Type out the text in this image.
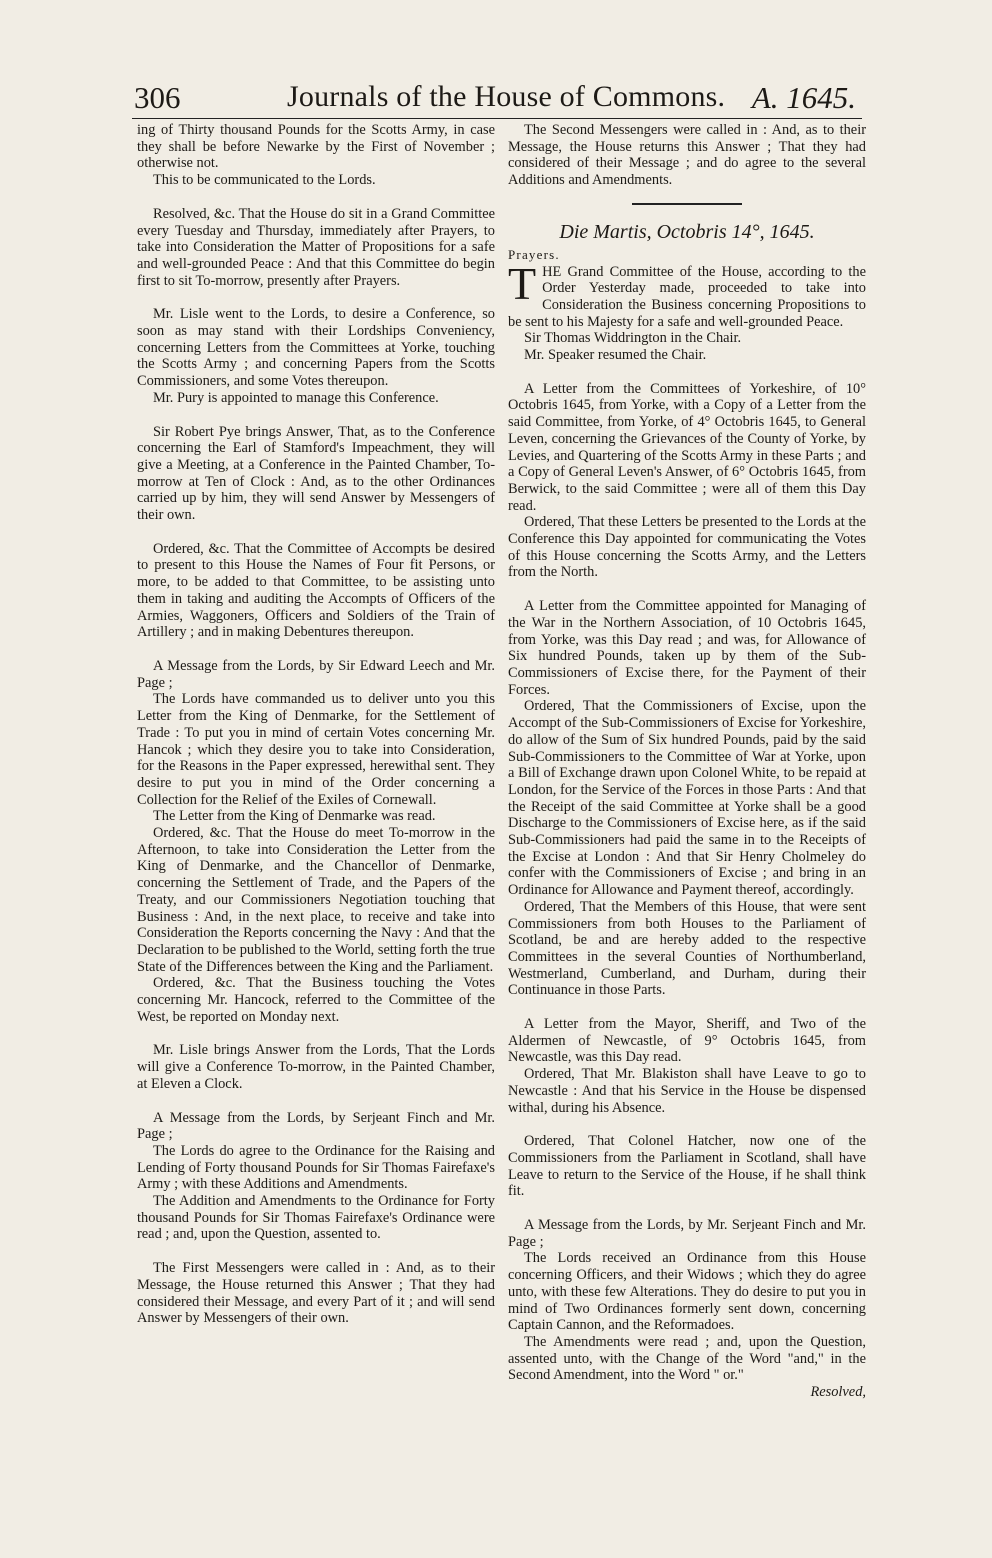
306	Journals of the House of Commons. A. 1645.

ing of Thirty thousand Pounds for the Scotts Army, in case they shall be before Newarke by the First of November ; otherwise not.

This to be communicated to the Lords.

Resolved, &c. That the House do sit in a Grand Committee every Tuesday and Thursday, immediately after Prayers, to take into Consideration the Matter of Propositions for a safe and well-grounded Peace : And that this Committee do begin first to sit To-morrow, presently after Prayers.

Mr. Lisle went to the Lords, to desire a Conference, so soon as may stand with their Lordships Conveniency, concerning Letters from the Committees at Yorke, touching the Scotts Army ; and concerning Papers from the Scotts Commissioners, and some Votes thereupon.

Mr. Pury is appointed to manage this Conference.

Sir Robert Pye brings Answer, That, as to the Conference concerning the Earl of Stamford's Impeachment, they will give a Meeting, at a Conference in the Painted Chamber, To-morrow at Ten of Clock : And, as to the other Ordinances carried up by him, they will send Answer by Messengers of their own.

Ordered, &c. That the Committee of Accompts be desired to present to this House the Names of Four fit Persons, or more, to be added to that Committee, to be assisting unto them in taking and auditing the Accompts of Officers of the Armies, Waggoners, Officers and Soldiers of the Train of Artillery ; and in making Debentures thereupon.

A Message from the Lords, by Sir Edward Leech and Mr. Page ;

The Lords have commanded us to deliver unto you this Letter from the King of Denmarke, for the Settlement of Trade : To put you in mind of certain Votes concerning Mr. Hancok ; which they desire you to take into Consideration, for the Reasons in the Paper expressed, herewithal sent. They desire to put you in mind of the Order concerning a Collection for the Relief of the Exiles of Cornewall.

The Letter from the King of Denmarke was read.

Ordered, &c. That the House do meet To-morrow in the Afternoon, to take into Consideration the Letter from the King of Denmarke, and the Chancellor of Denmarke, concerning the Settlement of Trade, and the Papers of the Treaty, and our Commissioners Negotiation touching that Business : And, in the next place, to receive and take into Consideration the Reports concerning the Navy : And that the Declaration to be published to the World, setting forth the true State of the Differences between the King and the Parliament.

Ordered, &c. That the Business touching the Votes concerning Mr. Hancock, referred to the Committee of the West, be reported on Monday next.

Mr. Lisle brings Answer from the Lords, That the Lords will give a Conference To-morrow, in the Painted Chamber, at Eleven a Clock.

A Message from the Lords, by Serjeant Finch and Mr. Page ;

The Lords do agree to the Ordinance for the Raising and Lending of Forty thousand Pounds for Sir Thomas Fairefaxe's Army ; with these Additions and Amendments.

The Addition and Amendments to the Ordinance for Forty thousand Pounds for Sir Thomas Fairefaxe's Ordinance were read ; and, upon the Question, assented to.

The First Messengers were called in : And, as to their Message, the House returned this Answer ; That they had considered their Message, and every Part of it ; and will send Answer by Messengers of their own.

The Second Messengers were called in : And, as to their Message, the House returns this Answer ; That they had considered of their Message ; and do agree to the several Additions and Amendments.

Die Martis, Octobris 14°, 1645.

Prayers.

THE Grand Committee of the House, according to the Order Yesterday made, proceeded to take into Consideration the Business concerning Propositions to be sent to his Majesty for a safe and well-grounded Peace.

Sir Thomas Widdrington in the Chair.

Mr. Speaker resumed the Chair.

A Letter from the Committees of Yorkeshire, of 10° Octobris 1645, from Yorke, with a Copy of a Letter from the said Committee, from Yorke, of 4° Octobris 1645, to General Leven, concerning the Grievances of the County of Yorke, by Levies, and Quartering of the Scotts Army in these Parts ; and a Copy of General Leven's Answer, of 6° Octobris 1645, from Berwick, to the said Committee ; were all of them this Day read.

Ordered, That these Letters be presented to the Lords at the Conference this Day appointed for communicating the Votes of this House concerning the Scotts Army, and the Letters from the North.

A Letter from the Committee appointed for Managing of the War in the Northern Association, of 10 Octobris 1645, from Yorke, was this Day read ; and was, for Allowance of Six hundred Pounds, taken up by them of the Sub-Commissioners of Excise there, for the Payment of their Forces.

Ordered, That the Commissioners of Excise, upon the Accompt of the Sub-Commissioners of Excise for Yorkeshire, do allow of the Sum of Six hundred Pounds, paid by the said Sub-Commissioners to the Committee of War at Yorke, upon a Bill of Exchange drawn upon Colonel White, to be repaid at London, for the Service of the Forces in those Parts : And that the Receipt of the said Committee at Yorke shall be a good Discharge to the Commissioners of Excise here, as if the said Sub-Commissioners had paid the same in to the Receipts of the Excise at London : And that Sir Henry Cholmeley do confer with the Commissioners of Excise ; and bring in an Ordinance for Allowance and Payment thereof, accordingly.

Ordered, That the Members of this House, that were sent Commissioners from both Houses to the Parliament of Scotland, be and are hereby added to the respective Committees in the several Counties of Northumberland, Westmerland, Cumberland, and Durham, during their Continuance in those Parts.

A Letter from the Mayor, Sheriff, and Two of the Aldermen of Newcastle, of 9° Octobris 1645, from Newcastle, was this Day read.

Ordered, That Mr. Blakiston shall have Leave to go to Newcastle : And that his Service in the House be dispensed withal, during his Absence.

Ordered, That Colonel Hatcher, now one of the Commissioners from the Parliament in Scotland, shall have Leave to return to the Service of the House, if he shall think fit.

A Message from the Lords, by Mr. Serjeant Finch and Mr. Page ;

The Lords received an Ordinance from this House concerning Officers, and their Widows ; which they do agree unto, with these few Alterations. They do desire to put you in mind of Two Ordinances formerly sent down, concerning Captain Cannon, and the Reformadoes.

The Amendments were read ; and, upon the Question, assented unto, with the Change of the Word "and," in the Second Amendment, into the Word " or."

Resolved,
